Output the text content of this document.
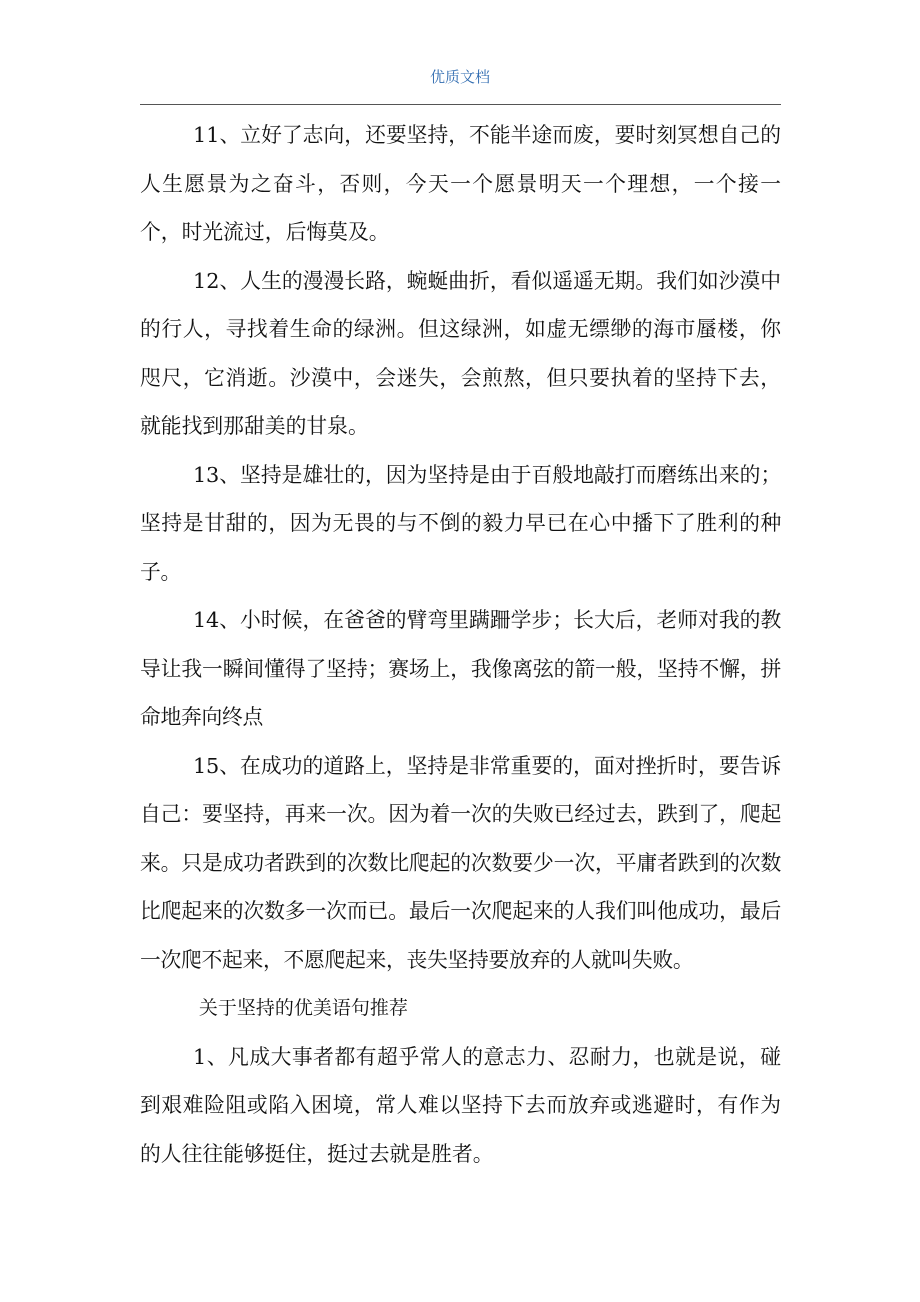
优质文档

11、立好了志向，还要坚持，不能半途而废，要时刻冥想自己的人生愿景为之奋斗，否则，今天一个愿景明天一个理想，一个接一个，时光流过，后悔莫及。

12、人生的漫漫长路，蜿蜒曲折，看似遥遥无期。我们如沙漠中的行人，寻找着生命的绿洲。但这绿洲，如虚无缥缈的海市蜃楼，你咫尺，它消逝。沙漠中，会迷失，会煎熬，但只要执着的坚持下去，就能找到那甜美的甘泉。

13、坚持是雄壮的，因为坚持是由于百般地敲打而磨练出来的；坚持是甘甜的，因为无畏的与不倒的毅力早已在心中播下了胜利的种子。

14、小时候，在爸爸的臂弯里蹒跚学步；长大后，老师对我的教导让我一瞬间懂得了坚持；赛场上，我像离弦的箭一般，坚持不懈，拼命地奔向终点

15、在成功的道路上，坚持是非常重要的，面对挫折时，要告诉自己：要坚持，再来一次。因为着一次的失败已经过去，跌到了，爬起来。只是成功者跌到的次数比爬起的次数要少一次，平庸者跌到的次数比爬起来的次数多一次而已。最后一次爬起来的人我们叫他成功，最后一次爬不起来，不愿爬起来，丧失坚持要放弃的人就叫失败。

关于坚持的优美语句推荐

1、凡成大事者都有超乎常人的意志力、忍耐力，也就是说，碰到艰难险阻或陷入困境，常人难以坚持下去而放弃或逃避时，有作为的人往往能够挺住，挺过去就是胜者。
